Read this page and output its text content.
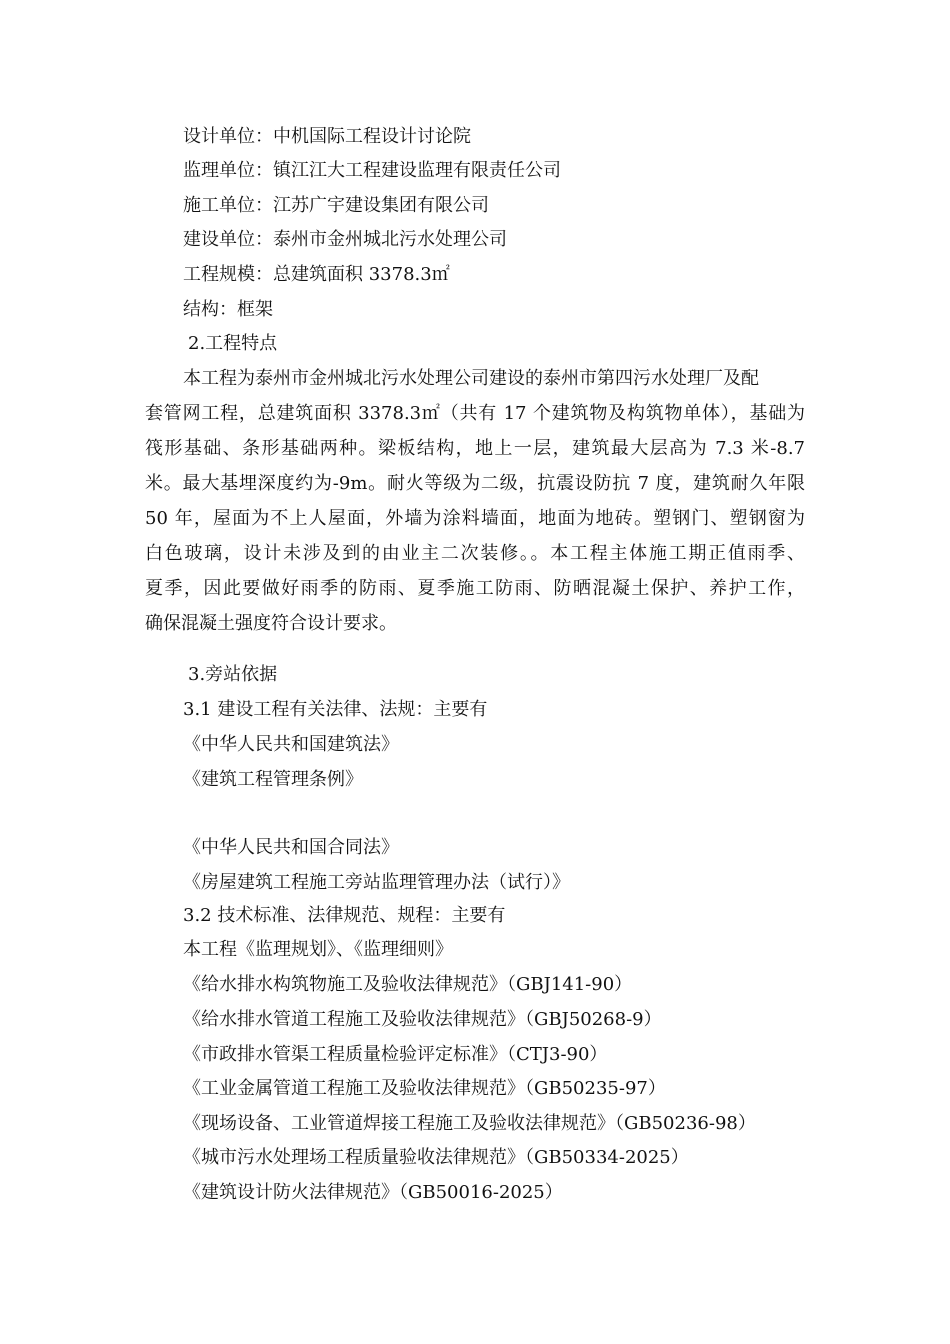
设计单位：中机国际工程设计讨论院
监理单位：镇江江大工程建设监理有限责任公司
施工单位：江苏广宇建设集团有限公司
建设单位：泰州市金州城北污水处理公司
工程规模：总建筑面积 3378.3㎡
结构：框架
2.工程特点
本工程为泰州市金州城北污水处理公司建设的泰州市第四污水处理厂及配
套管网工程，总建筑面积 3378.3㎡（共有 17 个建筑物及构筑物单体），基础为
筏形基础、条形基础两种。梁板结构，地上一层，建筑最大层高为 7.3 米-8.7
米。最大基埋深度约为-9m。耐火等级为二级，抗震设防抗 7 度，建筑耐久年限
50 年，屋面为不上人屋面，外墙为涂料墙面，地面为地砖。塑钢门、塑钢窗为
白色玻璃，设计未涉及到的由业主二次装修。。本工程主体施工期正值雨季、
夏季，因此要做好雨季的防雨、夏季施工防雨、防晒混凝土保护、养护工作，
确保混凝土强度符合设计要求。
3.旁站依据
3.1 建设工程有关法律、法规：主要有
《中华人民共和国建筑法》
《建筑工程管理条例》
《中华人民共和国合同法》
《房屋建筑工程施工旁站监理管理办法（试行）》
3.2 技术标准、法律规范、规程：主要有
本工程《监理规划》、《监理细则》
《给水排水构筑物施工及验收法律规范》（GBJ141-90）
《给水排水管道工程施工及验收法律规范》（GBJ50268-9）
《市政排水管渠工程质量检验评定标准》（CTJ3-90）
《工业金属管道工程施工及验收法律规范》（GB50235-97）
《现场设备、工业管道焊接工程施工及验收法律规范》（GB50236-98）
《城市污水处理场工程质量验收法律规范》（GB50334-2025）
《建筑设计防火法律规范》（GB50016-2025）
